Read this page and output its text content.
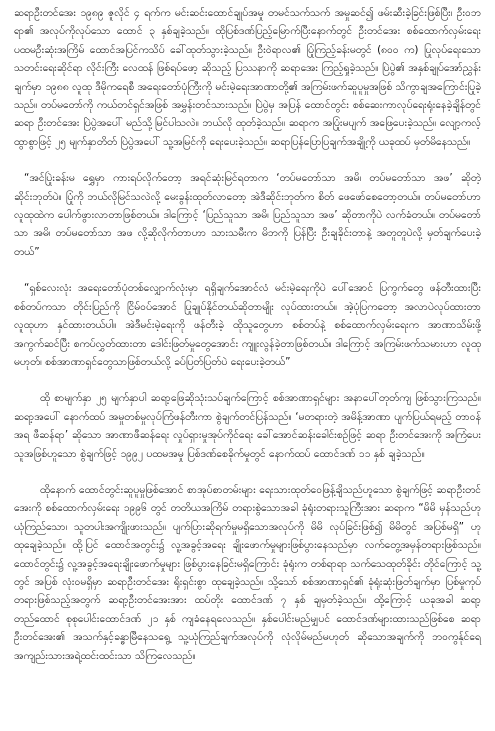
ဆရာဦးတင်အေး ၁၉၈၉ ဇူလိုင် ၄ ရက်က မင်းဆင်းထောင်ချုပ်အမှု တမင်သက်သက် အမှုဆင်၍ ဖမ်းဆီးခဲ့ခြင်းဖြစ်ပြီး၊ ဦးဝဘရာ၏ အလုပ်ကိုလုပ်သော ထောင် ၃ နှစ်ချခဲ့သည်။ ထိုပြစ်ဒဏ်ပြည့်မြောက်ပြီးနောက်တွင် ဦးတင်အေး စစ်ထောက်လှမ်းရေး ပထမဦးဆုံးအကြိမ် ထောင်အပြင်ကသိပ် ခေါ်ထုတ်သွားခဲ့သည်။ ဦးဝဲရာလ၏ ပြုံကြည့်ခန်းမတွင် (၈၀၀ က) ပြုလုပ်ရေးသော သတင်းရေးဆိုင်ရာ လိုင်းကြီး လေထန် ဖြစ်ရပ်ဖော့ ဆိုသည့် ပြဿနာကို ဆရာအေး ကြည့်ရှုခဲ့သည်။ ပြဲပွဲ၏ အနှစ်ချုပ်အော်ညွှန်းချက်မှာ ၁၉၈၈ လူထု ဒီမိုကရေစီ အရေးတော်ပုံကြီးကို မင်းမဲ့ရေးအာဏာတို့၏ အကြမ်းဖက်ဆူပူမှုအဖြစ် သိကွာချအကြောင်းပြုခဲ့သည်။ တပ်မတော်ကို ကယ်တင်ရှင်အဖြစ် အမွှန်းတင်သားသည်။ ပြဲပွဲမှ အပြန် ထောင်တွင်း စစ်ဆေးကာလုပ်ရေးရုံးနေခဲ့ချိန်တွင် ဆရာ ဦးတင်အေး ပြဲပွဲအပေါ် မည်သို့မြင်ပါသလဲ။ ဘယ်လို ထုတ်ခဲ့သည်။ ဆရာက အပြုံးမပျက် အဖြေပေးခဲ့သည်။ လျော့ကလ့်ထွာစွာဖြင့် ၂၅ မျက်နှာတိတ် ပြဲပွဲအပေါ် သူ့အမြင်ကို ရေးပေးခဲ့သည်။ ဆရာပြန်ပြောပြချက်အချို့ကို ယခုထပ် မှတ်မိနေသည်။

“အင်ပြုဲးခန်းမ ရွှေမှာ ကားရပ်လိုက်တော့ အရင်ဆုံးမြင်ရတာက ‘တပ်မတော်သာ အမိ၊ တပ်မတော်သာ အဖ’ ဆိုတဲ့ ဆိုင်းဘုတ်ပဲ။ ပြုံကို ဘယ်လိုမြင်သလဲလို့ မေးခွန်းထုတ်လာတော့ အဲဒီဆိုင်းဘုတ်က စိတ် ဖေဖော်စေတော့တယ်။ တပ်မတော်ဟာ လူထုထဲက ပေါက်ဖွားလာတာဖြစ်တယ်။ ဒါကြောင့် ‘ပြည်သူသာ အမိ၊ ပြည်သူသာ အဖ’ ဆိုတာကိုပဲ လက်ခံတယ်။ တပ်မတော်သာ အမိ၊ တပ်မတော်သာ အဖ လို့ဆိုလိုက်တာဟာ သားသမီးက မိဘကို ပြန်ပြီး ဦးချခိုင်းတာနဲ့ အတူတူပဲလို့ မှတ်ချက်ပေးခဲ့တယ်”

“ရှစ်လေးလုံး အရေးတော်ပုံတစ်လျှောက်လုံးမှာ ရရှိချက်အောင်လံ မင်းမဲ့ရေးကိုပဲ ပေါ်အောင် ပြကွက်တွေ ဖန်တီးထားပြီး စစ်တပ်ကသာ တိုင်းပြည်ကို ငြိမ်ဝပ်အောင် ပြုချုပ်နိုင်တယ်ဆိုတာမျိုး လုပ်ထားတယ်။ အဲ့ပုံပြကတော့ အလာပဲလုပ်ထားတာ လူထုဟာ နှင်ထားတယ်ပါ။ အဲဒီမင်းမဲ့ရေးကို ဖန်တီးခဲ့ ထိုသူတွေဟာ စစ်တပ်နဲ့ စစ်ထောက်လှမ်းရေးက အာဏာသိမ်းဖို့ အကွက်ဆင်ပြီး စကပ်လွှတ်ထားတာ ဒေါင်းဖြတ်မှုတွေအောင်း ကျူးလွန်ခဲ့တာဖြစ်တယ်။ ဒါကြောင့် အကြမ်းဖက်သမားဟာ လူထုမဟုတ်၊ စစ်အာဏာရှင်တွေသာဖြစ်တယ်လို့ ခပ်ပြတ်ပြတ်ပဲ ရေးပေးခဲ့တယ်”

ထို စာမျက်နှာ ၂၅ မျက်နှာပါ ဆရာ့ဖြေဆိုသုံးသပ်ချက်ကြောင့် စစ်အာဏာရှင်များ အနာပေါ်တုတ်ကျ ဖြစ်သွားကြသည်။ ဆရာ့အပေါ် နောက်ထပ် အမှုတစ်မှုလုပ်ကြံဖန်တီးကာ စွဲချက်တင်ပြန်သည်။ ‘မတရားတဲ့ အမိန့်အာဏာ ပျက်ပြယ်ရမည့် တာဝန်အရ ဖီဆန်ရာ’ ဆိုသော အာဏာဖီဆန်ရေး လှုပ်ရှားမှုအုပ်ကိုင်ရေး ခေါ်အောင်ဆန်းခေါင်းစဉ်ဖြင့် ဆရာ ဦးတင်အေးကို အကြံပေးသူအဖြစ်ဟူသော စွဲချက်ဖြင့် ၁၉၉၂ ပထမအမှု ပြစ်ဒဏ်စေခိုက်မှုတွင် နောက်ထပ် ထောင်ဒဏ် ၁၁ နှစ် ချခဲ့သည်။

ထိုနောက် ထောင်တွင်းဆူပူမှုဖြစ်အောင် စာအုပ်စာတမ်းများ ရေးသားထုတ်ဝေဖြန့်ချိသည်ဟူသော စွဲချက်ဖြင့် ဆရာဦးတင်အေးကို စစ်ထောက်လှမ်းရေး ၁၉၉၆ တွင် တတိယအကြိမ် တရားစွဲသောအခါ ခုံရုံးတရားသူကြီးအား ဆရာက “မိမိ မှန်သည်ဟု ယုံကြည်သော၊ သူတပါးအကျိုးဖားသည်။ ပျက်ပြားဆိုရက်မှုမရှိသောအလုပ်ကို မိမိ လုပ်ခြင်းဖြစ်၍ မိမိတွင် အပြစ်မရှိ” ဟု ထုချေခဲ့သည်။ ထို့ပြင် ထောင်အတွင်း၌ လူ့အခွင့်အရေး ချိုးဖောက်မှုများဖြစ်ပွားနေသည်မှာ လက်တွေ့အမှန်တရားဖြစ်သည်။ ထောင်တွင်း၌ လူ့အခွင့်အရေးချိုးဖောက်မှုများ ဖြစ်ပွားနေခြင်းမရှိကြောင်း ခုံရုံးက တစ်ရာရာ သက်သေထုတ်ခိုင်း တိုင်ကြောင့် သူ့တွင် အပြစ် လုံးဝမရှိမှာ ဆရာဦးတင်အေး ရိုးရှင်းစွာ ထုချေခဲ့သည်။ သို့သော် စစ်အာဏာရှင်၏ ခုံရုံးဆုံးဖြတ်ချက်မှာ ပြစ်မှုကုပ်တရားဖြစ်သည့်အတွက် ဆရာ့ဦးတင်အေးအား ထပ်တိုး ထောင်ဒဏ် ၇ နှစ် ချမှတ်ခဲ့သည်။ ထို့ကြောင့် ယခုအခါ ဆရာ့တည်ထောင် စုစုပေါင်းထောင်ဒဏ် ၂၁ နှစ် ကျခံနေရလေသည်။ နှစ်ပေါင်းမည်မျှပင် ထောင်ဒဏ်များထားသည်ဖြစ်စေ ဆရာဦးတင်အေး၏ အသက်နှင့်ခန္ဓာမြီနေသရွေ့ သူ့ယုံကြည်ချက်အလုပ်ကို လုံလိုမ်မည်မဟုတ် ဆိုသောအချက်ကို ဘဝကွန်ုင်ရေအကျည်းသားအရဲ့ထင်းထင်းသာ သိကြလေသည်။
